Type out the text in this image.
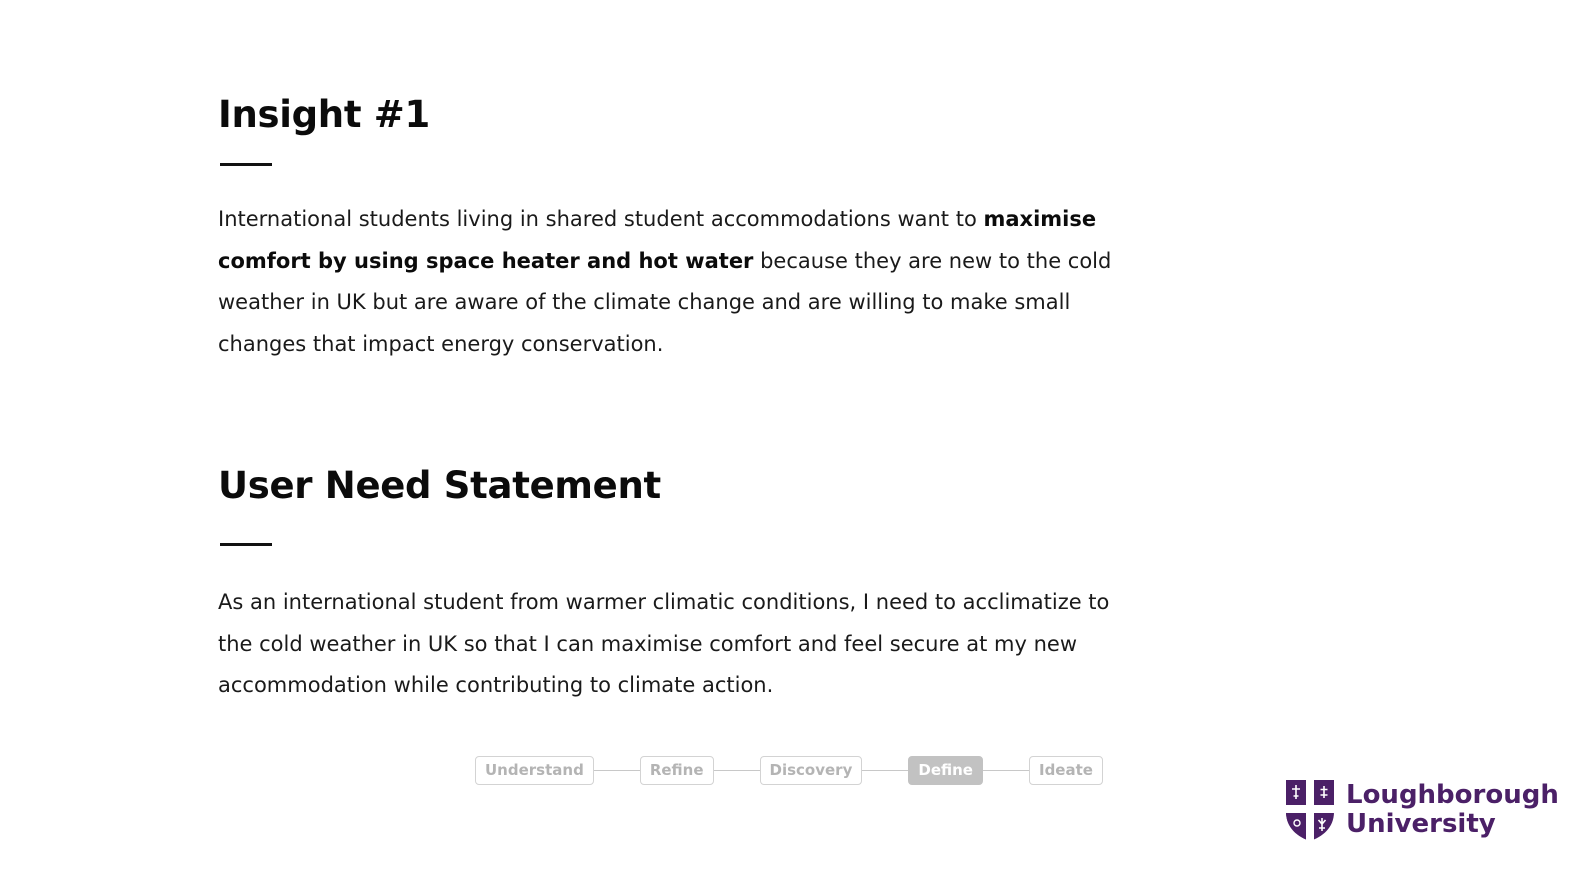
Insight #1

International students living in shared student accommodations want to maximise comfort by using space heater and hot water because they are new to the cold weather in UK but are aware of the climate change and are willing to make small changes that impact energy conservation.

User Need Statement

As an international student from warmer climatic conditions, I need to acclimatize to the cold weather in UK so that I can maximise comfort and feel secure at my new accommodation while contributing to climate action.

Understand	Refine	Discovery	Define	Ideate
Loughborough
University
